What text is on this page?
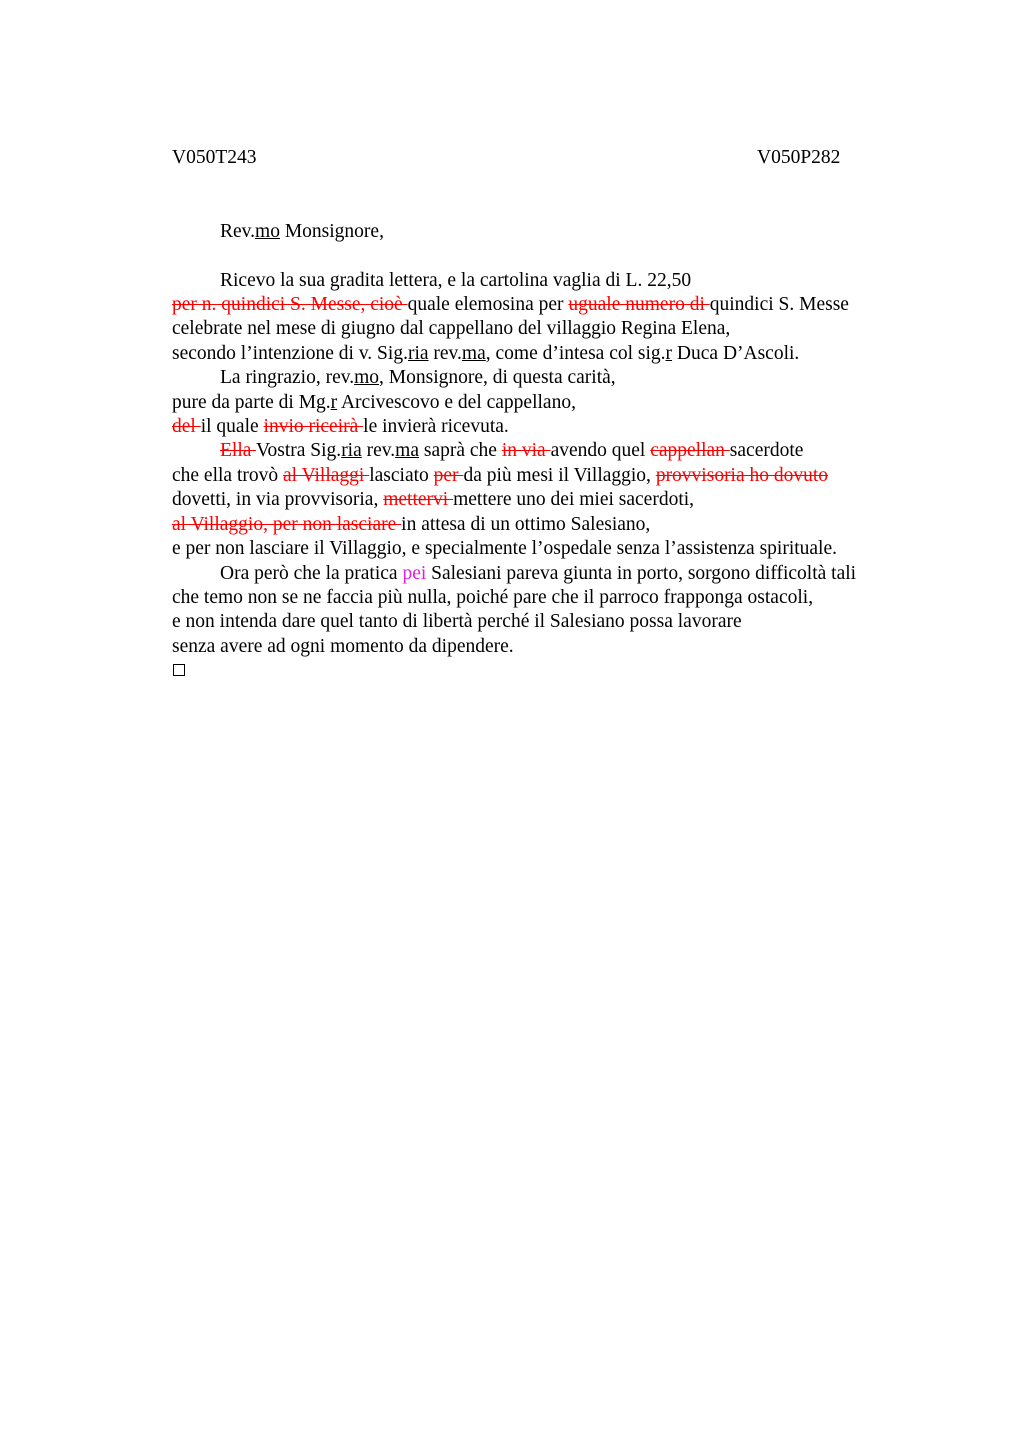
V050T243	V050P282
Rev.mo Monsignore,
Ricevo la sua gradita lettera, e la cartolina vaglia di L. 22,50
per n. quindici S. Messe, cioè quale elemosina per uguale numero di quindici S. Messe
celebrate nel mese di giugno dal cappellano del villaggio Regina Elena,
secondo l’intenzione di v. Sig.ria rev.ma, come d’intesa col sig.r Duca D’Ascoli.
La ringrazio, rev.mo, Monsignore, di questa carità,
pure da parte di Mg.r Arcivescovo e del cappellano,
del il quale invio riceirà le invierà ricevuta.
Ella Vostra Sig.ria rev.ma saprà che in via avendo quel cappellan sacerdote
che ella trovò al Villaggi lasciato per da più mesi il Villaggio, provvisoria ho dovuto
dovetti, in via provvisoria, mettervi mettere uno dei miei sacerdoti,
al Villaggio, per non lasciare in attesa di un ottimo Salesiano,
e per non lasciare il Villaggio, e specialmente l’ospedale senza l’assistenza spirituale.
Ora però che la pratica pei Salesiani pareva giunta in porto, sorgono difficoltà tali
che temo non se ne faccia più nulla, poiché pare che il parroco frapponga ostacoli,
e non intenda dare quel tanto di libertà perché il Salesiano possa lavorare
senza avere ad ogni momento da dipendere.
